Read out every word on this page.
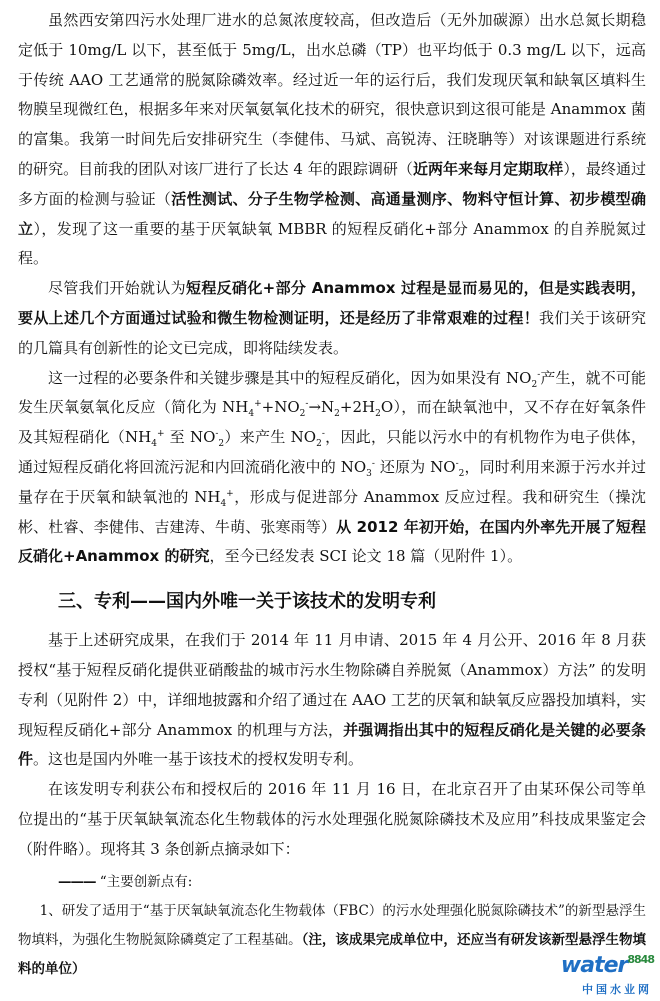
虽然西安第四污水处理厂进水的总氮浓度较高，但改造后（无外加碳源）出水总氮长期稳定低于 10mg/L 以下，甚至低于 5mg/L，出水总磷（TP）也平均低于 0.3 mg/L 以下，远高于传统 AAO 工艺通常的脱氮除磷效率。经过近一年的运行后，我们发现厌氧和缺氧区填料生物膜呈现微红色，根据多年来对厌氧氨氧化技术的研究，很快意识到这很可能是 Anammox 菌的富集。我第一时间先后安排研究生（李健伟、马斌、高锐涛、汪晓聃等）对该课题进行系统的研究。目前我的团队对该厂进行了长达 4 年的跟踪调研（近两年来每月定期取样），最终通过多方面的检测与验证（活性测试、分子生物学检测、高通量测序、物料守恒计算、初步模型确立），发现了这一重要的基于厌氧缺氧 MBBR 的短程反硝化+部分 Anammox 的自养脱氮过程。

尽管我们开始就认为短程反硝化+部分 Anammox 过程是显而易见的，但是实践表明，要从上述几个方面通过试验和微生物检测证明，还是经历了非常艰难的过程！我们关于该研究的几篇具有创新性的论文已完成，即将陆续发表。

这一过程的必要条件和关键步骤是其中的短程反硝化，因为如果没有 $NO_2^-$产生，就不可能发生厌氧氨氧化反应（简化为 $NH_4^++NO_2^-\to N_2+2H_2O$），而在缺氧池中，又不存在好氧条件及其短程硝化（$NH_4^+$ 至 $NO^-_2$）来产生 $NO_2^-$，因此，只能以污水中的有机物作为电子供体，通过短程反硝化将回流污泥和内回流硝化液中的 $NO_3^-$ 还原为 $NO^-_2$，同时利用来源于污水并过量存在于厌氧和缺氧池的 $NH_4^+$，形成与促进部分 Anammox 反应过程。我和研究生（操沈彬、杜睿、李健伟、吉建涛、牛萌、张寒雨等）从 2012 年初开始，在国内外率先开展了短程反硝化+Anammox 的研究，至今已经发表 SCI 论文 18 篇（见附件 1）。

三、专利——国内外唯一关于该技术的发明专利

基于上述研究成果，在我们于 2014 年 11 月申请、2015 年 4 月公开、2016 年 8 月获授权“基于短程反硝化提供亚硝酸盐的城市污水生物除磷自养脱氮（Anammox）方法” 的发明专利（见附件 2）中，详细地披露和介绍了通过在 AAO 工艺的厌氧和缺氧反应器投加填料，实现短程反硝化+部分 Anammox 的机理与方法，并强调指出其中的短程反硝化是关键的必要条件。这也是国内外唯一基于该技术的授权发明专利。

在该发明专利获公布和授权后的 2016 年 11 月 16 日，在北京召开了由某环保公司等单位提出的“基于厌氧缺氧流态化生物载体的污水处理强化脱氮除磷技术及应用”科技成果鉴定会（附件略）。现将其 3 条创新点摘录如下：

——— “主要创新点有:
1、研发了适用于“基于厌氧缺氧流态化生物载体（FBC）的污水处理强化脱氮除磷技术”的新型悬浮生物填料，为强化生物脱氮除磷奠定了工程基础。（注，该成果完成单位中，还应当有研发该新型悬浮生物填料的单位）	water$^{8848}$
中国水业网
